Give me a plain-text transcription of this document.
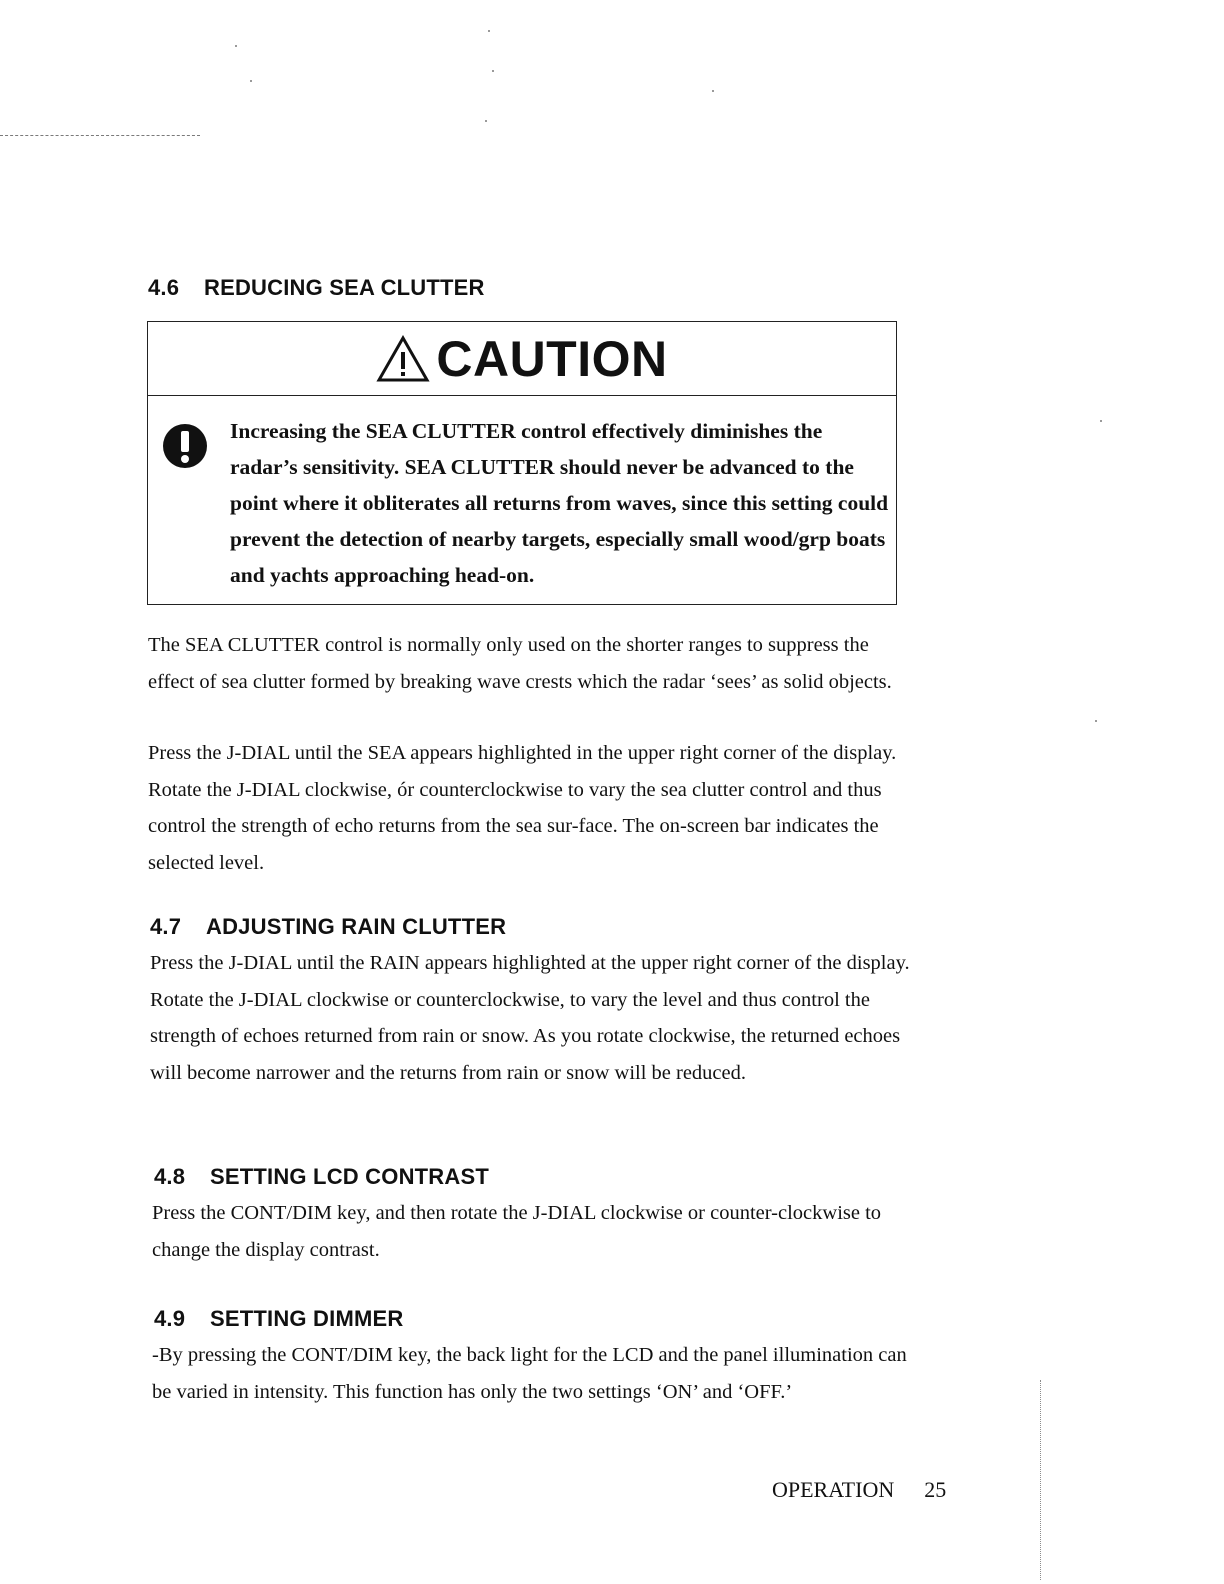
4.6 REDUCING SEA CLUTTER
CAUTION

Increasing the SEA CLUTTER control effectively diminishes the radar’s sensitivity. SEA CLUTTER should never be advanced to the point where it obliterates all returns from waves, since this setting could prevent the detection of nearby targets, especially small wood/grp boats and yachts approaching head-on.

The SEA CLUTTER control is normally only used on the shorter ranges to suppress the effect of sea clutter formed by breaking wave crests which the radar ‘sees’ as solid objects.

Press the J-DIAL until the SEA appears highlighted in the upper right corner of the display. Rotate the J-DIAL clockwise, ór counterclockwise to vary the sea clutter control and thus control the strength of echo returns from the sea sur-face. The on-screen bar indicates the selected level.

4.7 ADJUSTING RAIN CLUTTER

Press the J-DIAL until the RAIN appears highlighted at the upper right corner of the display. Rotate the J-DIAL clockwise or counterclockwise, to vary the level and thus control the strength of echoes returned from rain or snow. As you rotate clockwise, the returned echoes will become narrower and the returns from rain or snow will be reduced.

4.8 SETTING LCD CONTRAST

Press the CONT/DIM key, and then rotate the J-DIAL clockwise or counter-clockwise to change the display contrast.

4.9 SETTING DIMMER

-By pressing the CONT/DIM key, the back light for the LCD and the panel illumination can be varied in intensity. This function has only the two settings ‘ON’ and ‘OFF.’

OPERATION 25
